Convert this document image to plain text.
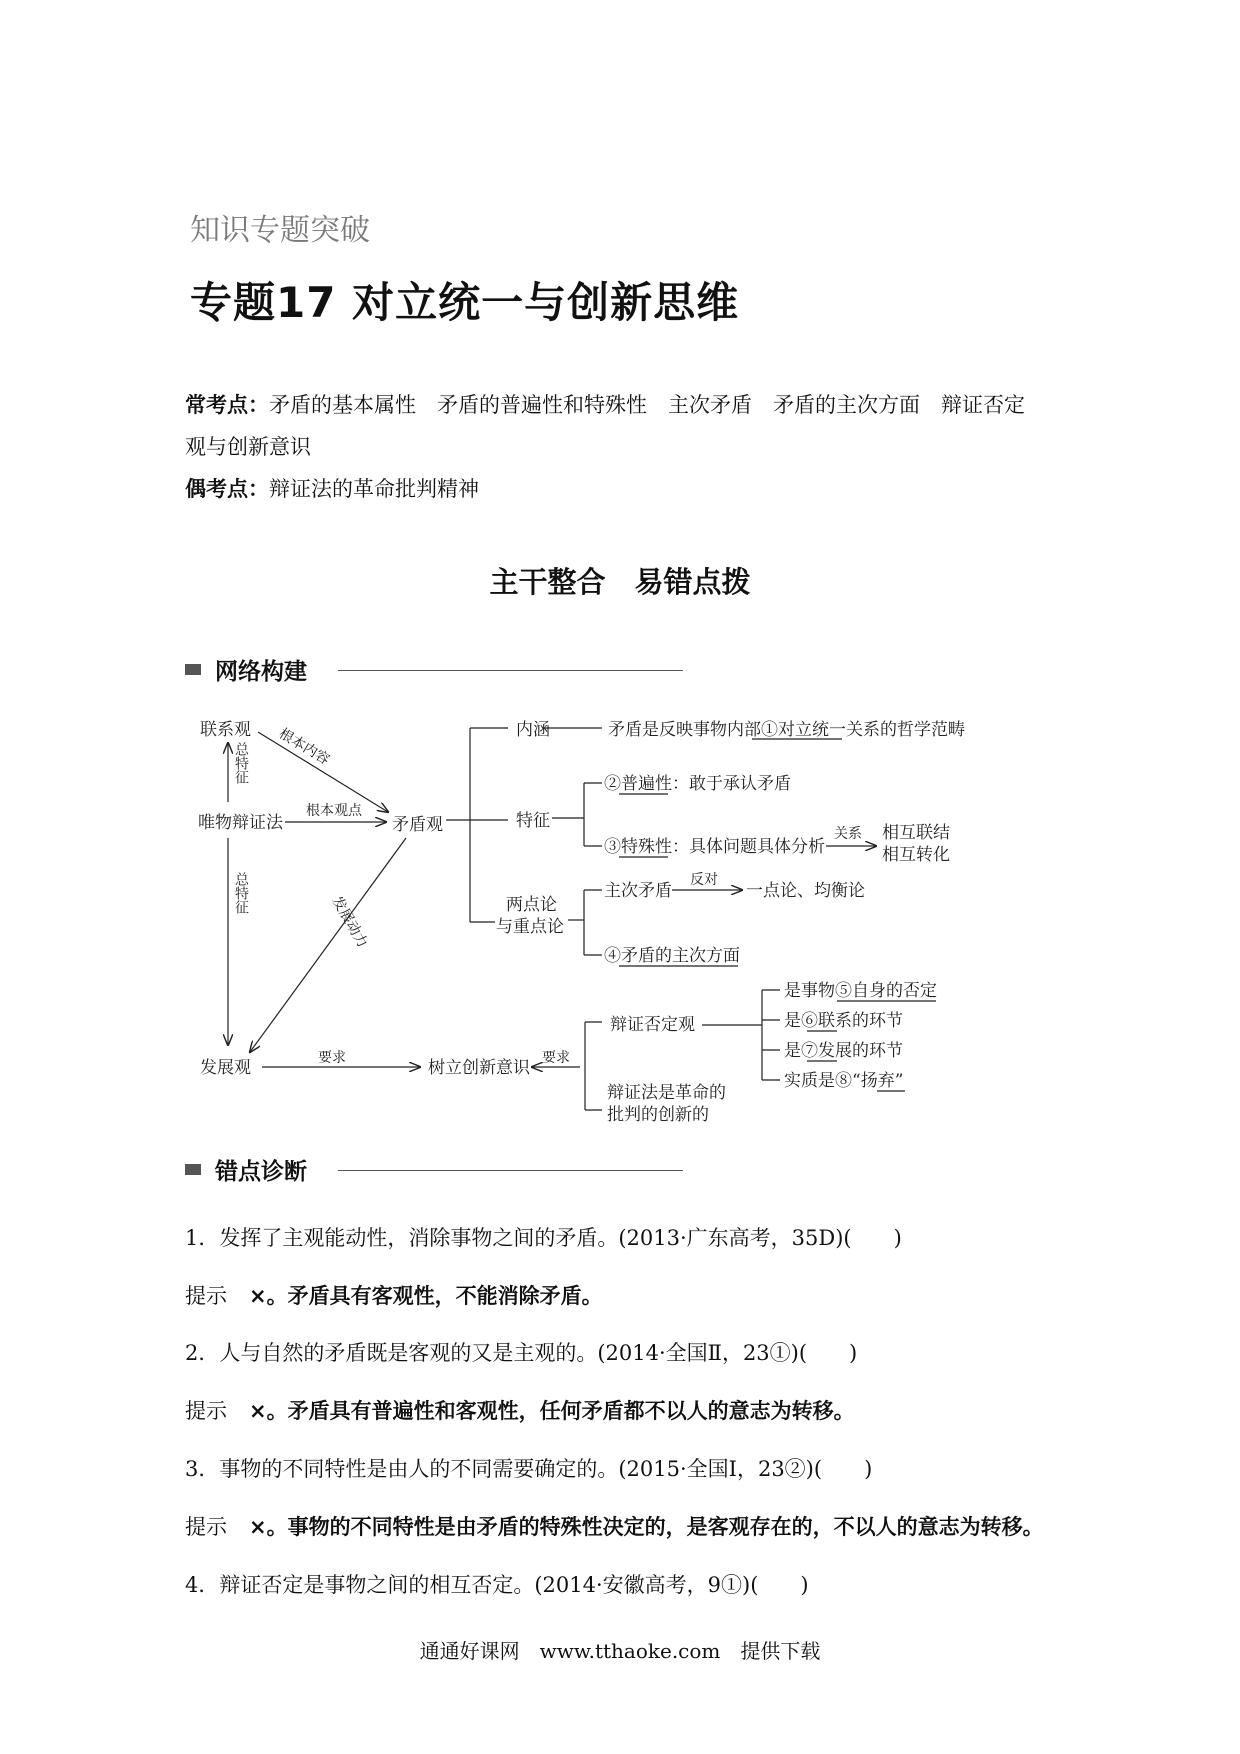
知识专题突破
专题17 对立统一与创新思维
常考点：矛盾的基本属性　矛盾的普遍性和特殊性　主次矛盾　矛盾的主次方面　辩证否定
观与创新意识
偶考点：辩证法的革命批判精神
主干整合　易错点拨
网络构建
联系观
唯物辩证法
发展观
矛盾观
树立创新意识
内涵	矛盾是反映事物内部①对立统一关系的哲学范畴
特征
②普遍性：敢于承认矛盾
③特殊性：具体问题具体分析
相互联结
相互转化
两点论
与重点论
主次矛盾	一点论、均衡论
④矛盾的主次方面
辩证否定观
是事物⑤自身的否定
是⑥联系的环节
是⑦发展的环节
实质是⑧“扬弃”
辩证法是革命的
批判的创新的
根本观点
要求	要求
关系
反对
根本内容
发展动力
总特征
总特征
错点诊断
1．发挥了主观能动性，消除事物之间的矛盾。(2013·广东高考，35D)(　　)
提示 ×。矛盾具有客观性，不能消除矛盾。
2．人与自然的矛盾既是客观的又是主观的。(2014·全国Ⅱ，23①)(　　)
提示 ×。矛盾具有普遍性和客观性，任何矛盾都不以人的意志为转移。
3．事物的不同特性是由人的不同需要确定的。(2015·全国Ⅰ，23②)(　　)
提示 ×。事物的不同特性是由矛盾的特殊性决定的，是客观存在的，不以人的意志为转移。
4．辩证否定是事物之间的相互否定。(2014·安徽高考，9①)(　　)
通通好课网　www.tthaoke.com　提供下载
